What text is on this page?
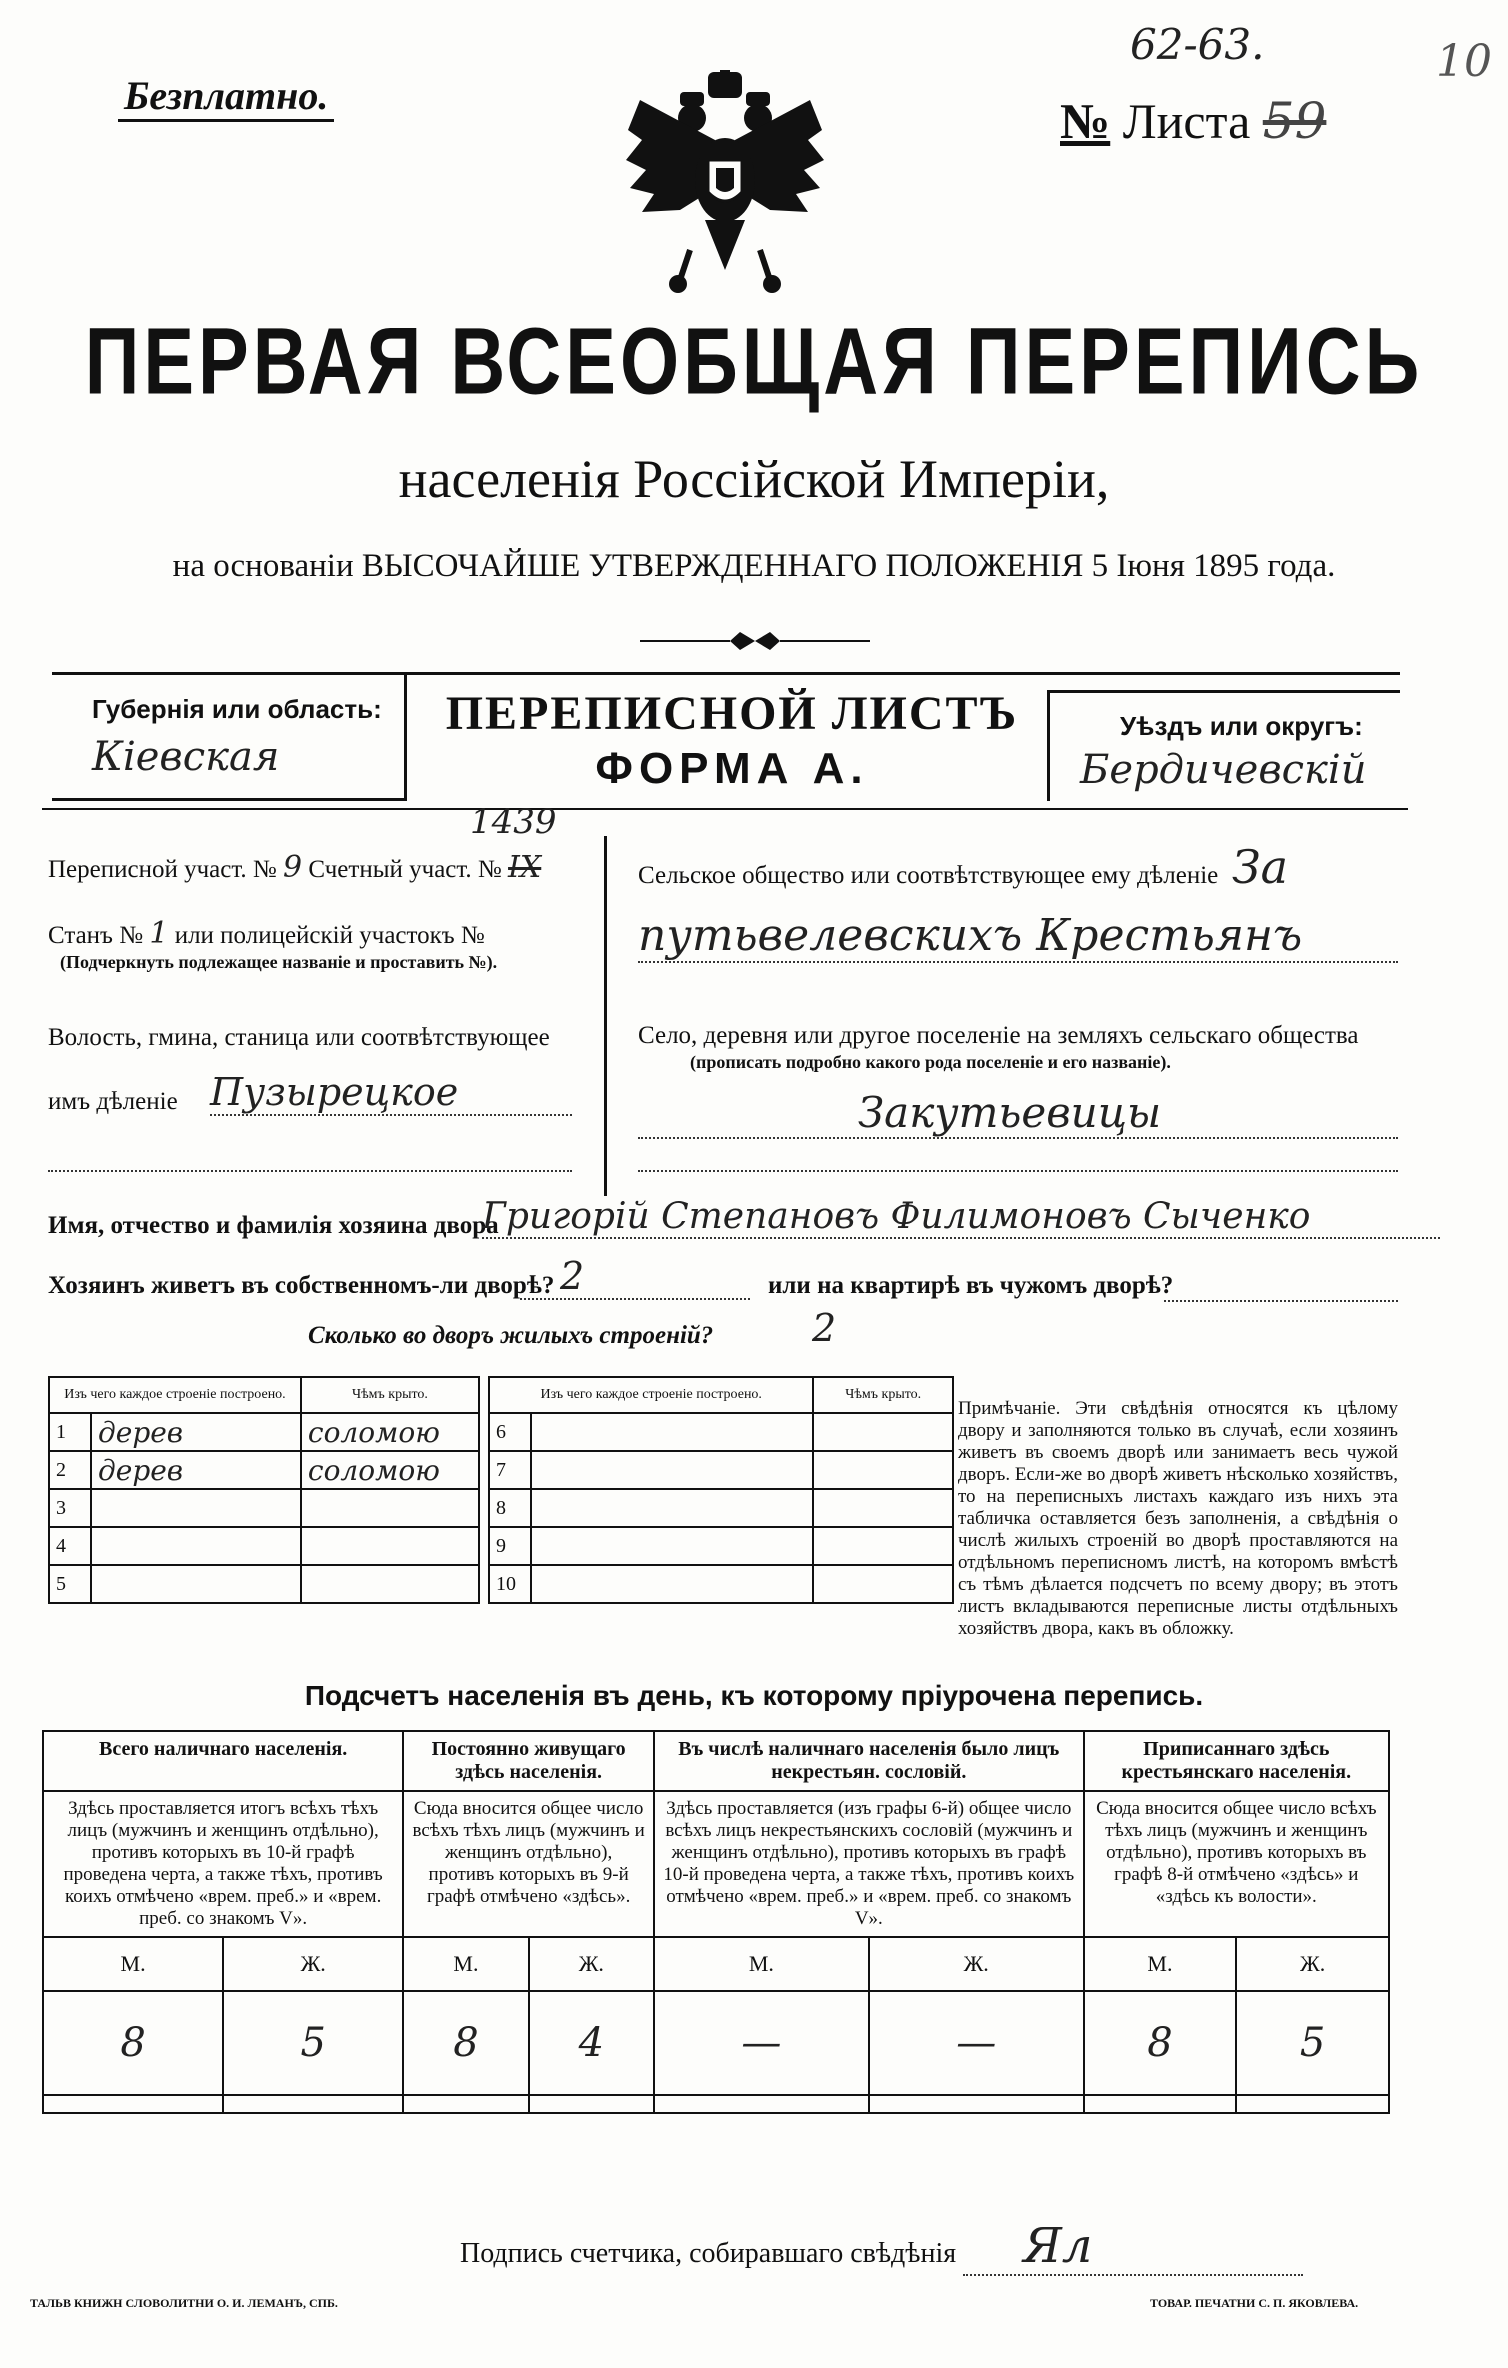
Безплатно.
62-63.	10
№ Листа 59
ПЕРВАЯ ВСЕОБЩАЯ ПЕРЕПИСЬ
населенія Россійской Имперіи,
на основаніи ВЫСОЧАЙШЕ УТВЕРЖДЕННАГО ПОЛОЖЕНІЯ 5 Іюня 1895 года.
Губернія или область:
Кіевская
ПЕРЕПИСНОЙ ЛИСТЪ
ФОРМА А.
Уѣздъ или округъ:
Бердичевскій
1439
Переписной участ. № 9 Счетный участ. № IX
Станъ № 1 или полицейскій участокъ №
(Подчеркнуть подлежащее названіе и проставить №).
Волость, гмина, станица или соотвѣтствующее
имъ дѣленіе Пузырецкое
Сельское общество или соотвѣтствующее ему дѣленіе За
путьвелевскихъ Крестьянъ
Село, деревня или другое поселеніе на земляхъ сельскаго общества
(прописать подробно какого рода поселеніе и его названіе).
Закутьевицы
Имя, отчество и фамилія хозяина двора
Григорій Степановъ Филимоновъ Сыченко
Хозяинъ живетъ въ собственномъ-ли дворѣ? 2	или на квартирѣ въ чужомъ дворѣ?
Сколько во дворъ жилыхъ строеній?	2
Изъ чего каждое строеніе построено.		Чѣмъ крыто.
1	дерев	соломою
2	дерев	соломою
3		
4		
5		
Изъ чего каждое строеніе построено.		Чѣмъ крыто.
6		
7		
8		
9		
10		
Примѣчаніе. Эти свѣдѣнія относятся къ цѣлому двору и заполняются только въ случаѣ, если хозяинъ живетъ въ своемъ дворѣ или занимаетъ весь чужой дворъ. Если-же во дворѣ живетъ нѣсколько хозяйствъ, то на переписныхъ листахъ каждаго изъ нихъ эта табличка оставляется безъ заполненія, а свѣдѣнія о числѣ жилыхъ строеній во дворѣ проставляются на отдѣльномъ переписномъ листѣ, на которомъ вмѣстѣ съ тѣмъ дѣлается подсчетъ по всему двору; въ этотъ листъ вкладываются переписные листы отдѣльныхъ хозяйствъ двора, какъ въ обложку.
Подсчетъ населенія въ день, къ которому пріурочена перепись.
Всего наличнаго населенія.		Постоянно живущаго здѣсь населенія.		Въ числѣ наличнаго населенія было лицъ некрестьян. сословій.		Приписаннаго здѣсь крестьянскаго населенія.	
Здѣсь проставляется итогъ всѣхъ тѣхъ лицъ (мужчинъ и женщинъ отдѣльно), противъ которыхъ въ 10-й графѣ проведена черта, а также тѣхъ, противъ коихъ отмѣчено «врем. преб.» и «врем. преб. со знакомъ V».		Сюда вносится общее число всѣхъ тѣхъ лицъ (мужчинъ и женщинъ отдѣльно), противъ которыхъ въ 9-й графѣ отмѣчено «здѣсь».		Здѣсь проставляется (изъ графы 6-й) общее число всѣхъ лицъ некрестьянскихъ сословій (мужчинъ и женщинъ отдѣльно), противъ которыхъ въ графѣ 10-й проведена черта, а также тѣхъ, противъ коихъ отмѣчено «врем. преб.» и «врем. преб. со знакомъ V».		Сюда вносится общее число всѣхъ тѣхъ лицъ (мужчинъ и женщинъ отдѣльно), противъ которыхъ въ графѣ 8-й отмѣчено «здѣсь» и «здѣсь къ волости».	
М.	Ж.	М.	Ж.	М.	Ж.	М.	Ж.
8	5	8	4	—	—	8	5

Подпись счетчика, собиравшаго свѣдѣнія Ял
ТАЛЬВ КНИЖН СЛОВОЛИТНИ О. И. ЛЕМАНЪ, СПБ.	ТОВАР. ПЕЧАТНИ С. П. ЯКОВЛЕВА.
